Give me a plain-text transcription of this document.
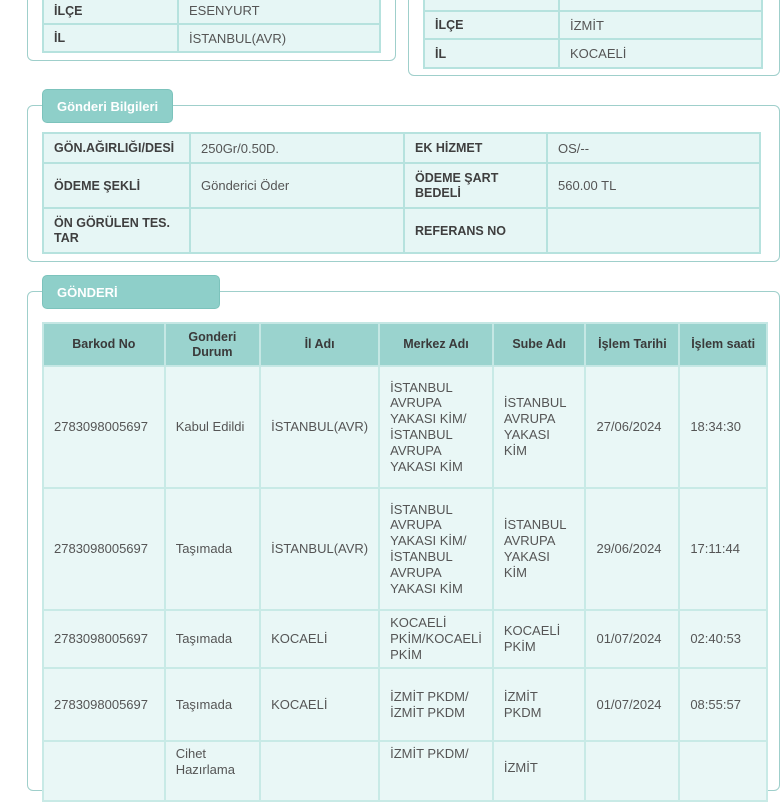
İLÇE	ESENYURT
İL	İSTANBUL(AVR)

İLÇE	İZMİT
İL	KOCAELİ
Gönderi Bilgileri
GÖN.AĞIRLIĞI/DESİ	250Gr/0.50D.	EK HİZMET	OS/--
ÖDEME ŞEKLİ	Gönderici Öder	ÖDEME ŞART BEDELİ	560.00 TL
ÖN GÖRÜLEN TES. TAR		REFERANS NO	
GÖNDERİ
Barkod No	Gonderi Durum	İl Adı	Merkez Adı	Sube Adı	İşlem Tarihi	İşlem saati
2783098005697	Kabul Edildi	İSTANBUL(AVR)	İSTANBUL AVRUPA YAKASI KİM/ İSTANBUL AVRUPA YAKASI KİM	İSTANBUL AVRUPA YAKASI KİM	27/06/2024	18:34:30
2783098005697	Taşımada	İSTANBUL(AVR)	İSTANBUL AVRUPA YAKASI KİM/ İSTANBUL AVRUPA YAKASI KİM	İSTANBUL AVRUPA YAKASI KİM	29/06/2024	17:11:44
2783098005697	Taşımada	KOCAELİ	KOCAELİ PKİM/KOCAELİ PKİM	KOCAELİ PKİM	01/07/2024	02:40:53
2783098005697	Taşımada	KOCAELİ	İZMİT PKDM/ İZMİT PKDM	İZMİT PKDM	01/07/2024	08:55:57
	Cihet Hazırlama		İZMİT PKDM/	İZMİT		
